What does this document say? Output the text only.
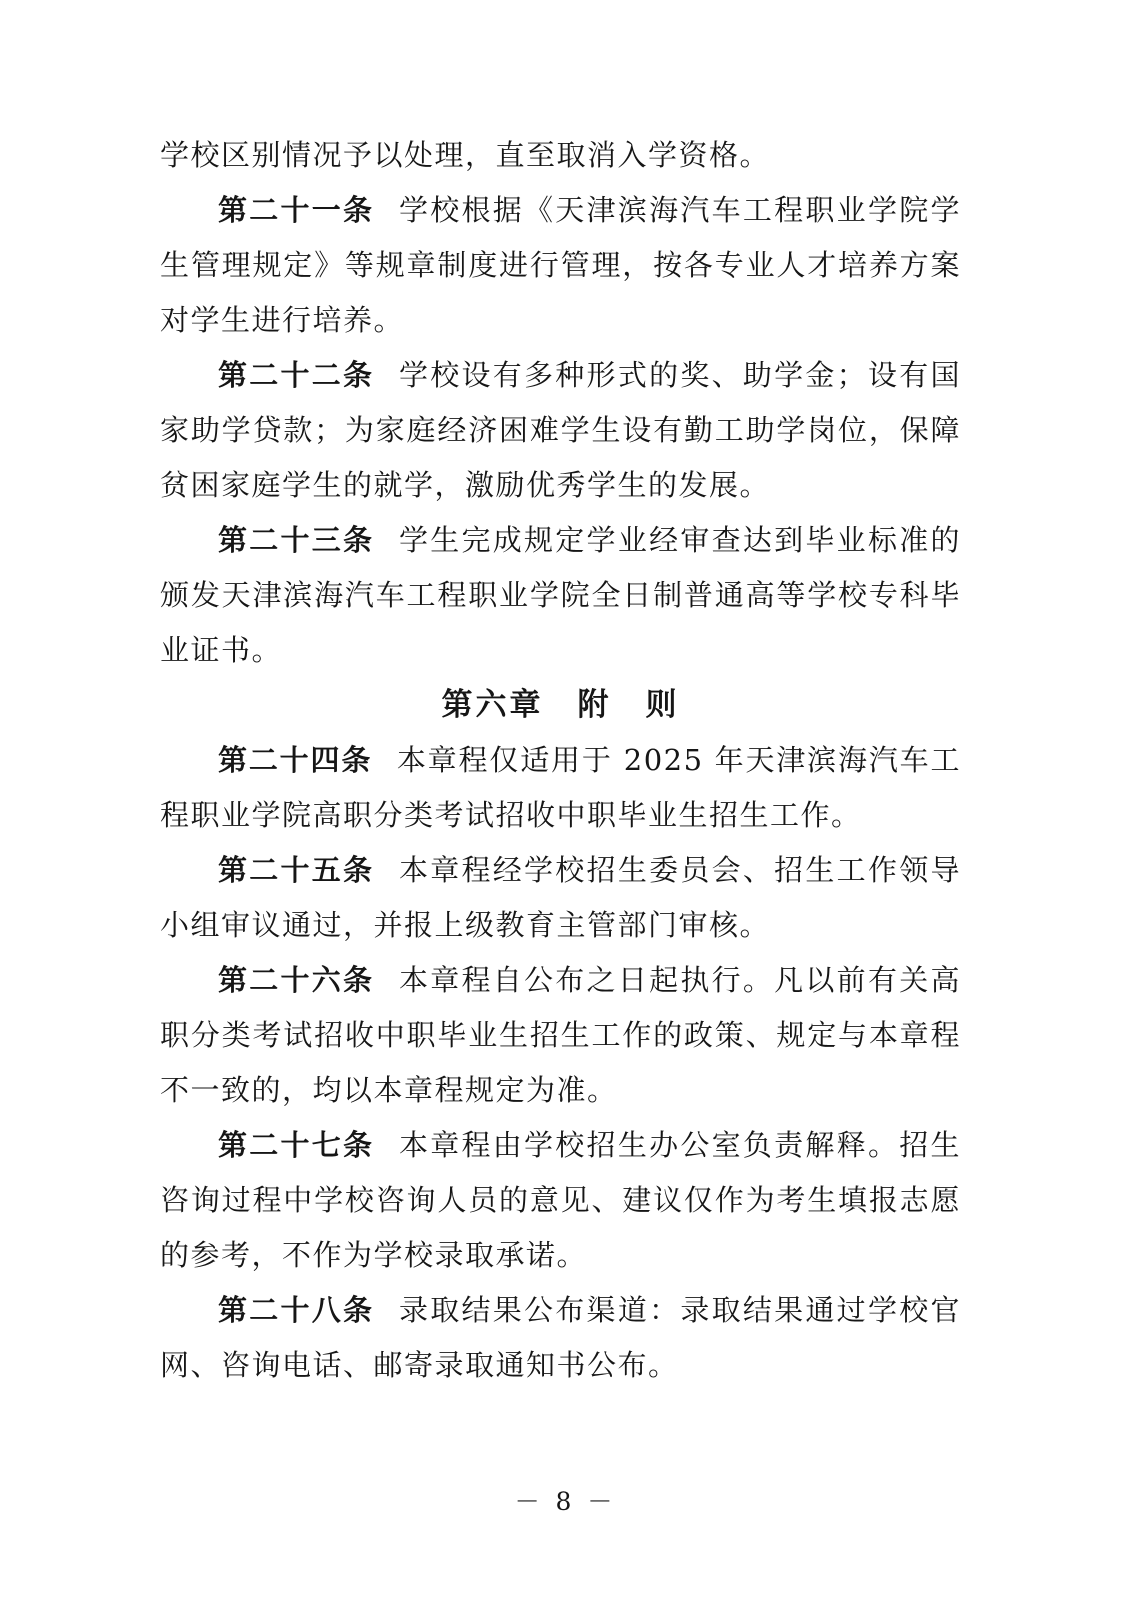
学校区别情况予以处理，直至取消入学资格。

第二十一条 学校根据《天津滨海汽车工程职业学院学生管理规定》等规章制度进行管理，按各专业人才培养方案对学生进行培养。

第二十二条 学校设有多种形式的奖、助学金；设有国家助学贷款；为家庭经济困难学生设有勤工助学岗位，保障贫困家庭学生的就学，激励优秀学生的发展。

第二十三条 学生完成规定学业经审查达到毕业标准的颁发天津滨海汽车工程职业学院全日制普通高等学校专科毕业证书。

第六章　附　则

第二十四条 本章程仅适用于 2025 年天津滨海汽车工程职业学院高职分类考试招收中职毕业生招生工作。

第二十五条 本章程经学校招生委员会、招生工作领导小组审议通过，并报上级教育主管部门审核。

第二十六条 本章程自公布之日起执行。凡以前有关高职分类考试招收中职毕业生招生工作的政策、规定与本章程不一致的，均以本章程规定为准。

第二十七条 本章程由学校招生办公室负责解释。招生咨询过程中学校咨询人员的意见、建议仅作为考生填报志愿的参考，不作为学校录取承诺。

第二十八条 录取结果公布渠道：录取结果通过学校官网、咨询电话、邮寄录取通知书公布。

－ 8 －
